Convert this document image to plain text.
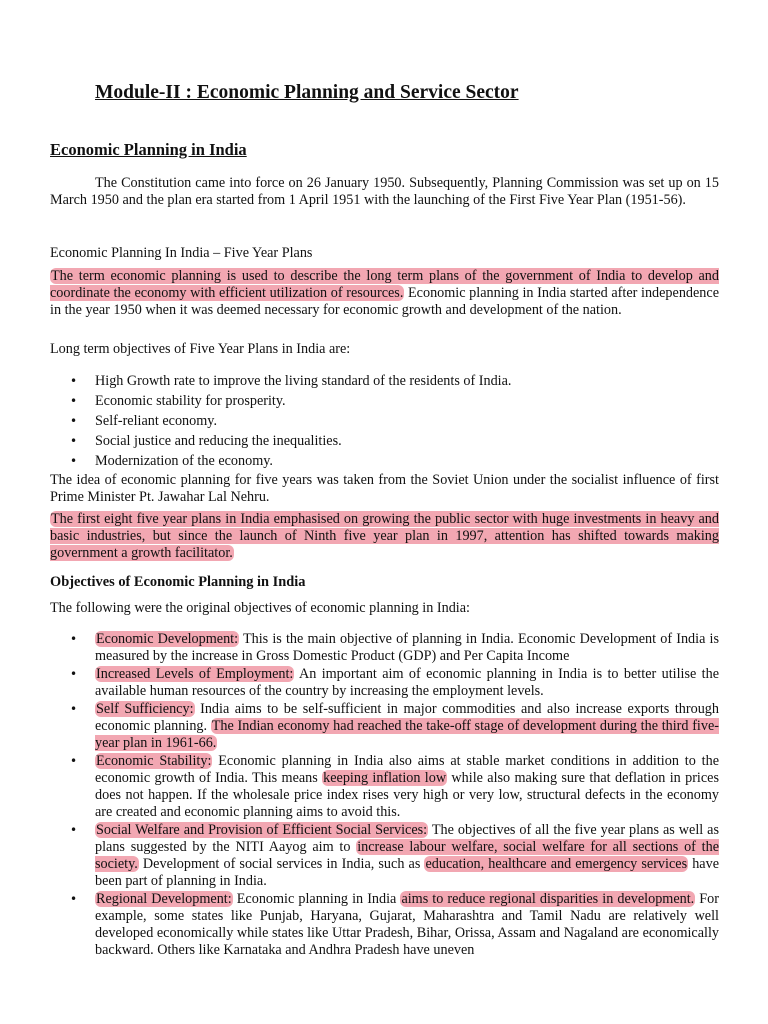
Module-II : Economic Planning and Service Sector
Economic Planning in India

The Constitution came into force on 26 January 1950. Subsequently, Planning Commission was set up on 15 March 1950 and the plan era started from 1 April 1951 with the launching of the First Five Year Plan (1951-56).

Economic Planning In India – Five Year Plans

The term economic planning is used to describe the long term plans of the government of India to develop and coordinate the economy with efficient utilization of resources. Economic planning in India started after independence in the year 1950 when it was deemed necessary for economic growth and development of the nation.

Long term objectives of Five Year Plans in India are:

• High Growth rate to improve the living standard of the residents of India.
• Economic stability for prosperity.
• Self-reliant economy.
• Social justice and reducing the inequalities.
• Modernization of the economy.

The idea of economic planning for five years was taken from the Soviet Union under the socialist influence of first Prime Minister Pt. Jawahar Lal Nehru.

The first eight five year plans in India emphasised on growing the public sector with huge investments in heavy and basic industries, but since the launch of Ninth five year plan in 1997, attention has shifted towards making government a growth facilitator.

Objectives of Economic Planning in India

The following were the original objectives of economic planning in India:

• Economic Development: This is the main objective of planning in India. Economic Development of India is measured by the increase in Gross Domestic Product (GDP) and Per Capita Income
• Increased Levels of Employment: An important aim of economic planning in India is to better utilise the available human resources of the country by increasing the employment levels.
• Self Sufficiency: India aims to be self-sufficient in major commodities and also increase exports through economic planning. The Indian economy had reached the take-off stage of development during the third five-year plan in 1961-66.
• Economic Stability: Economic planning in India also aims at stable market conditions in addition to the economic growth of India. This means keeping inflation low while also making sure that deflation in prices does not happen. If the wholesale price index rises very high or very low, structural defects in the economy are created and economic planning aims to avoid this.
• Social Welfare and Provision of Efficient Social Services: The objectives of all the five year plans as well as plans suggested by the NITI Aayog aim to increase labour welfare, social welfare for all sections of the society. Development of social services in India, such as education, healthcare and emergency services have been part of planning in India.
• Regional Development: Economic planning in India aims to reduce regional disparities in development. For example, some states like Punjab, Haryana, Gujarat, Maharashtra and Tamil Nadu are relatively well developed economically while states like Uttar Pradesh, Bihar, Orissa, Assam and Nagaland are economically backward. Others like Karnataka and Andhra Pradesh have uneven
